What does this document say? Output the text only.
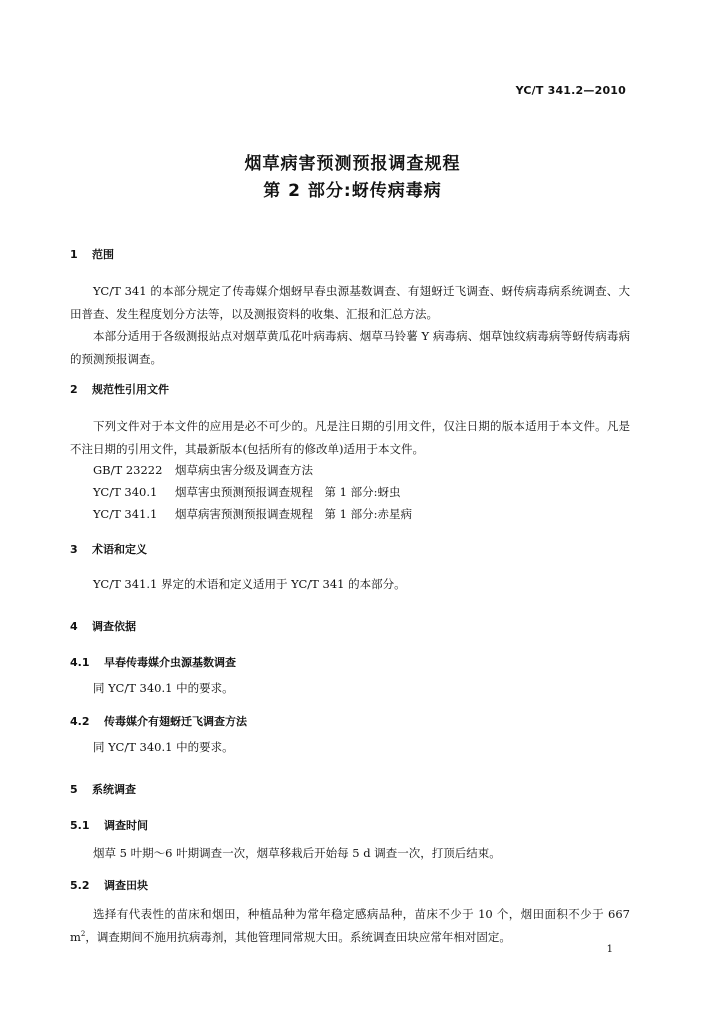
YC/T 341.2—2010
烟草病害预测预报调查规程
第 2 部分:蚜传病毒病
1 范围

YC/T 341 的本部分规定了传毒媒介烟蚜早春虫源基数调查、有翅蚜迁飞调查、蚜传病毒病系统调查、大田普查、发生程度划分方法等，以及测报资料的收集、汇报和汇总方法。

本部分适用于各级测报站点对烟草黄瓜花叶病毒病、烟草马铃薯 Y 病毒病、烟草蚀纹病毒病等蚜传病毒病的预测预报调查。

2 规范性引用文件

下列文件对于本文件的应用是必不可少的。凡是注日期的引用文件，仅注日期的版本适用于本文件。凡是不注日期的引用文件，其最新版本(包括所有的修改单)适用于本文件。

GB/T 23222 烟草病虫害分级及调查方法
YC/T 340.1 烟草害虫预测预报调查规程　第 1 部分:蚜虫
YC/T 341.1 烟草病害预测预报调查规程　第 1 部分:赤星病
3 术语和定义

YC/T 341.1 界定的术语和定义适用于 YC/T 341 的本部分。

4 调查依据
4.1 早春传毒媒介虫源基数调查

同 YC/T 340.1 中的要求。

4.2 传毒媒介有翅蚜迁飞调查方法

同 YC/T 340.1 中的要求。

5 系统调查
5.1 调查时间

烟草 5 叶期～6 叶期调查一次，烟草移栽后开始每 5 d 调查一次，打顶后结束。

5.2 调查田块

选择有代表性的苗床和烟田，种植品种为常年稳定感病品种，苗床不少于 10 个，烟田面积不少于 667 $m^2$，调查期间不施用抗病毒剂，其他管理同常规大田。系统调查田块应常年相对固定。

1
